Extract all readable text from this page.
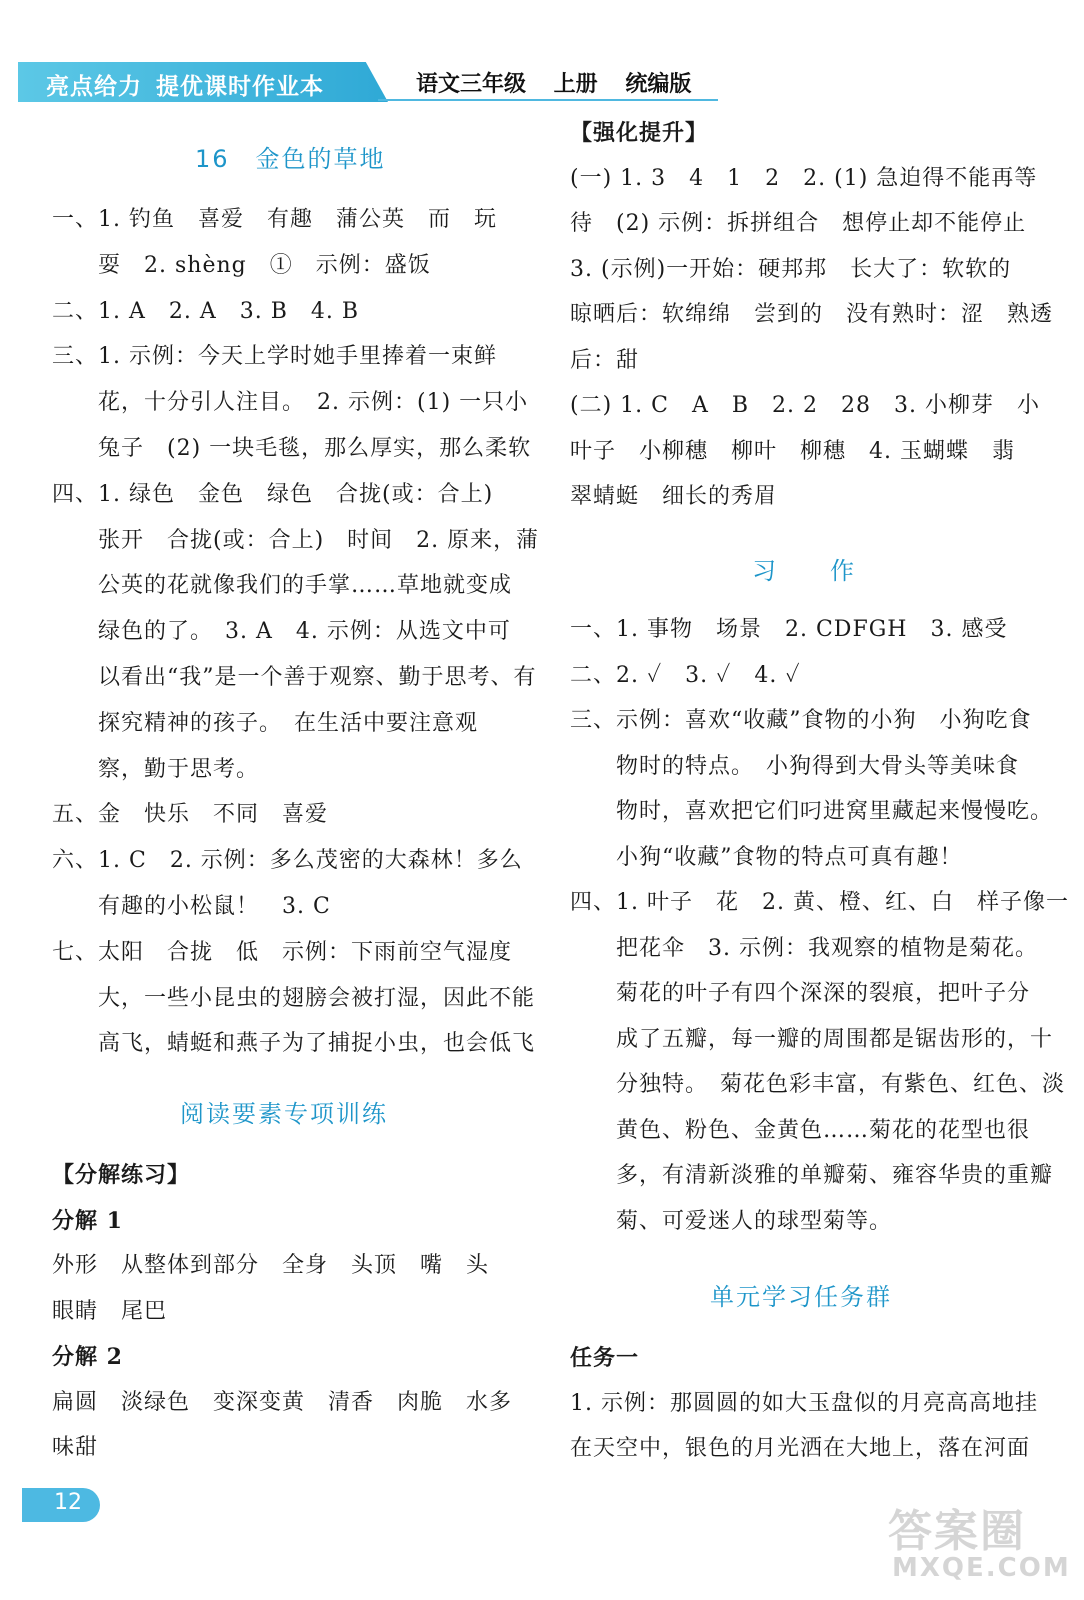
亮点给力 提优课时作业本	语文三年级 上册 统编版
16　金色的草地
一、1. 钓鱼　喜爱　有趣　蒲公英　而　玩
　　耍　2. shèng　①　示例：盛饭
二、1. A　2. A　3. B　4. B
三、1. 示例：今天上学时她手里捧着一束鲜
　　花，十分引人注目。　2. 示例：(1) 一只小
　　兔子　(2) 一块毛毯，那么厚实，那么柔软
四、1. 绿色　金色　绿色　合拢(或：合上)
　　张开　合拢(或：合上)　时间　2. 原来，蒲
　　公英的花就像我们的手掌……草地就变成
　　绿色的了。　3. A　4. 示例：从选文中可
　　以看出“我”是一个善于观察、勤于思考、有
　　探究精神的孩子。　在生活中要注意观
　　察，勤于思考。
五、金　快乐　不同　喜爱
六、1. C　2. 示例：多么茂密的大森林！多么
　　有趣的小松鼠！　3. C
七、太阳　合拢　低　示例：下雨前空气湿度
　　大，一些小昆虫的翅膀会被打湿，因此不能
　　高飞，蜻蜓和燕子为了捕捉小虫，也会低飞
阅读要素专项训练
【分解练习】
分解 1
外形　从整体到部分　全身　头顶　嘴　头
眼睛　尾巴
分解 2
扁圆　淡绿色　变深变黄　清香　肉脆　水多
味甜
【强化提升】
(一) 1. 3　4　1　2　2. (1) 急迫得不能再等
待　(2) 示例：拆拼组合　想停止却不能停止
3. (示例)一开始：硬邦邦　长大了：软软的
晾晒后：软绵绵　尝到的　没有熟时：涩　熟透
后：甜
(二) 1. C　A　B　2. 2　28　3. 小柳芽　小
叶子　小柳穗　柳叶　柳穗　4. 玉蝴蝶　翡
翠蜻蜓　细长的秀眉
习　　作
一、1. 事物　场景　2. CDFGH　3. 感受
二、2. ✓　3. ✓　4. ✓
三、示例：喜欢“收藏”食物的小狗　小狗吃食
　　物时的特点。　小狗得到大骨头等美味食
　　物时，喜欢把它们叼进窝里藏起来慢慢吃。
　　小狗“收藏”食物的特点可真有趣！
四、1. 叶子　花　2. 黄、橙、红、白　样子像一
　　把花伞　3. 示例：我观察的植物是菊花。
　　菊花的叶子有四个深深的裂痕，把叶子分
　　成了五瓣，每一瓣的周围都是锯齿形的，十
　　分独特。　菊花色彩丰富，有紫色、红色、淡
　　黄色、粉色、金黄色……菊花的花型也很
　　多，有清新淡雅的单瓣菊、雍容华贵的重瓣
　　菊、可爱迷人的球型菊等。
单元学习任务群
任务一
1. 示例：那圆圆的如大玉盘似的月亮高高地挂
在天空中，银色的月光洒在大地上，落在河面
12
答案圈
MXQE.COM
